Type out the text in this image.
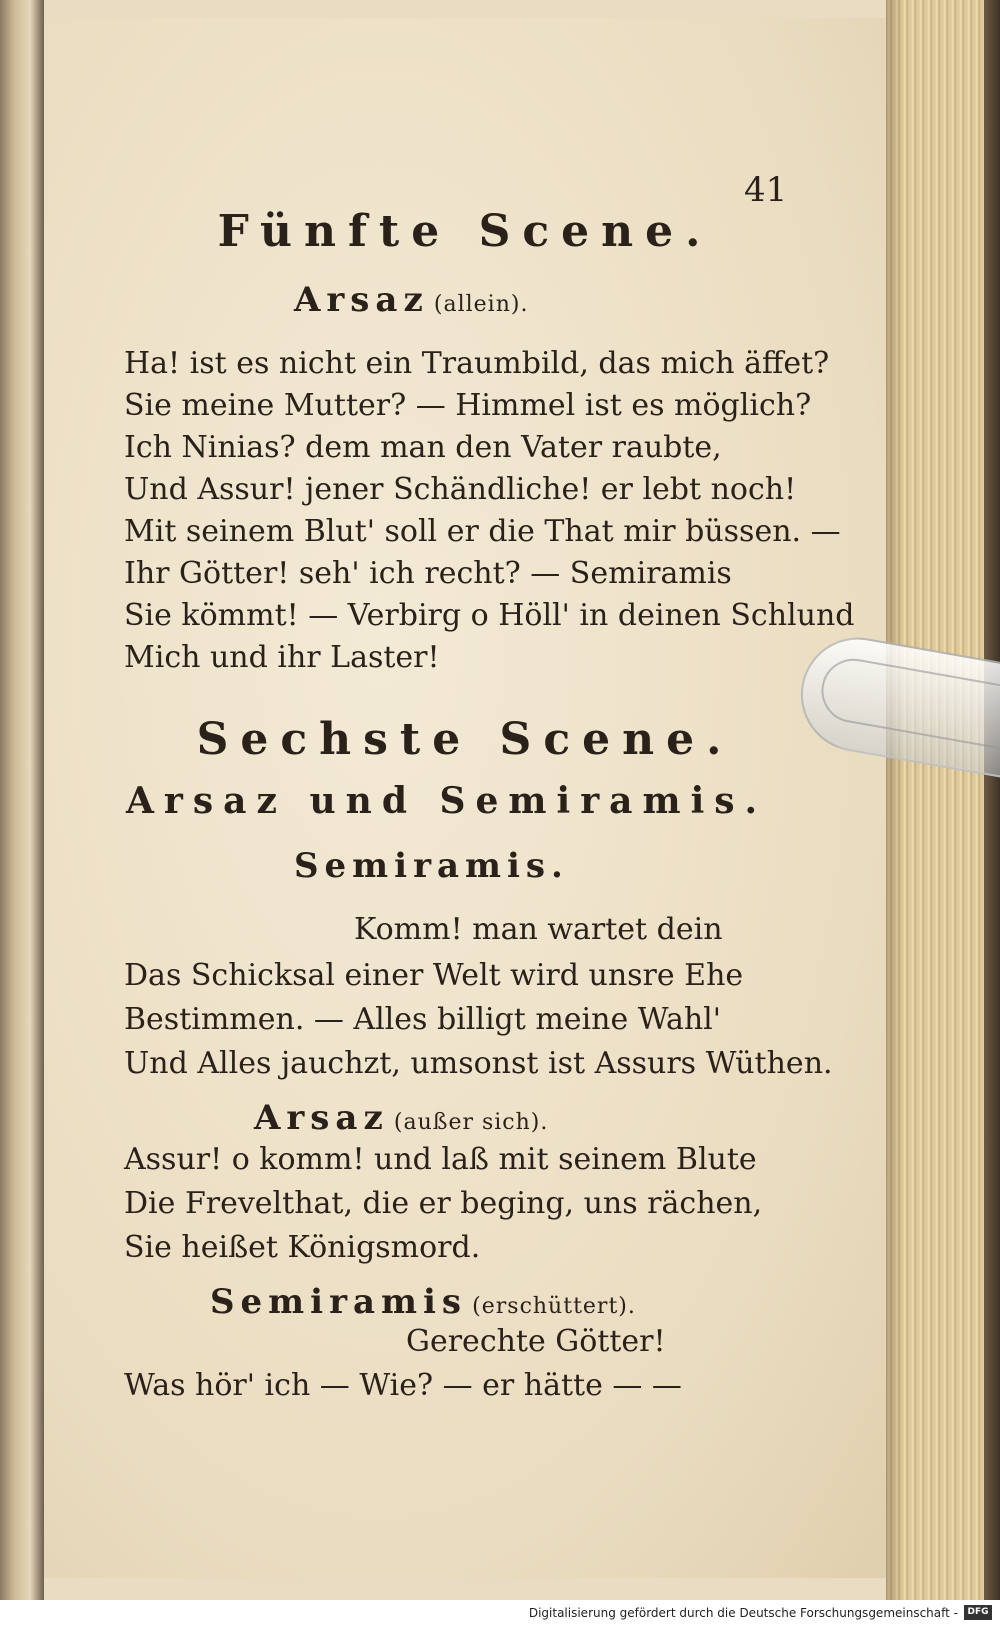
41
Fünfte Scene.
Arsaz (allein).
Ha! ist es nicht ein Traumbild, das mich äffet?
Sie meine Mutter? — Himmel ist es möglich?
Ich Ninias? dem man den Vater raubte,
Und Assur! jener Schändliche! er lebt noch!
Mit seinem Blut' soll er die That mir büssen. —
Ihr Götter! seh' ich recht? — Semiramis
Sie kömmt! — Verbirg o Höll' in deinen Schlund
Mich und ihr Laster!
Sechste Scene.
Arsaz und Semiramis.
Semiramis.
Komm! man wartet dein
Das Schicksal einer Welt wird unsre Ehe
Bestimmen. — Alles billigt meine Wahl'
Und Alles jauchzt, umsonst ist Assurs Wüthen.
Arsaz (außer sich).
Assur! o komm! und laß mit seinem Blute
Die Frevelthat, die er beging, uns rächen,
Sie heißet Königsmord.
Semiramis (erschüttert).
Gerechte Götter!
Was hör' ich — Wie? — er hätte — —
Digitalisierung gefördert durch die Deutsche Forschungsgemeinschaft -	DFG
